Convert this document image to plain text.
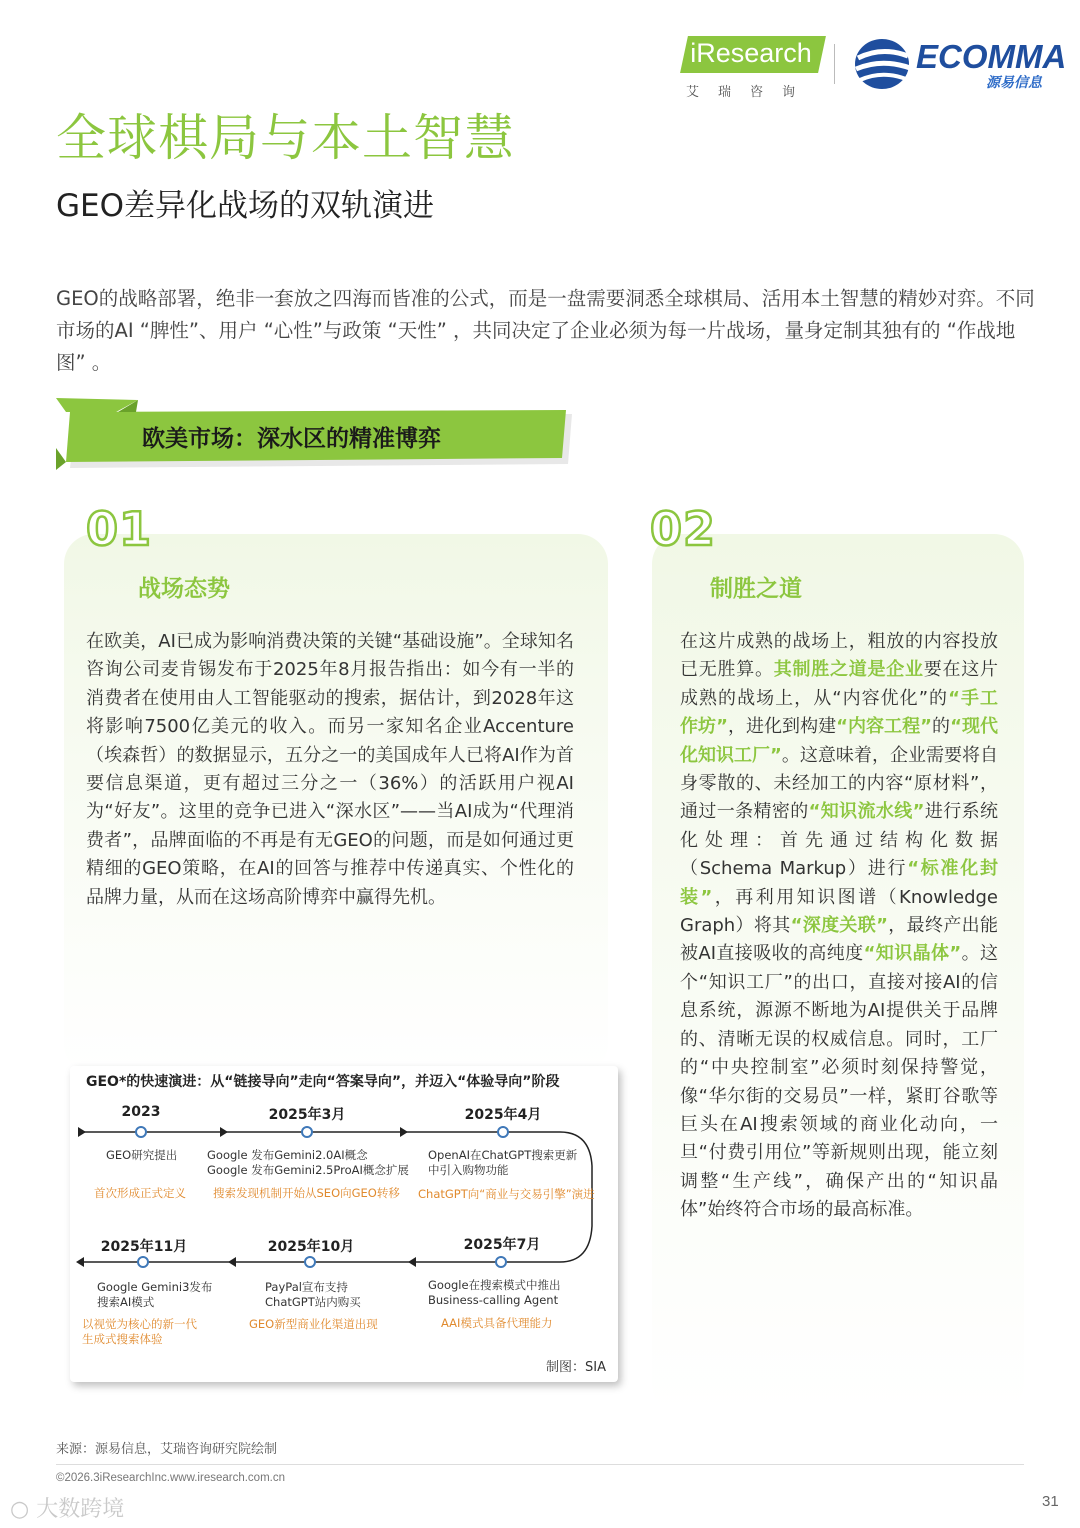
iResearch
艾瑞咨询
ECOMMA
源易信息
全球棋局与本土智慧
GEO差异化战场的双轨演进
GEO的战略部署，绝非一套放之四海而皆准的公式，而是一盘需要洞悉全球棋局、活用本土智慧的精妙对弈。不同市场的AI “脾性”、用户 “心性”与政策 “天性” ，共同决定了企业必须为每一片战场，量身定制其独有的 “作战地图” 。
欧美市场：深水区的精准博弈
01
战场态势
在欧美，AI已成为影响消费决策的关键“基础设施”。全球知名咨询公司麦肯锡发布于2025年8月报告指出：如今有一半的消费者在使用由人工智能驱动的搜索，据估计，到2028年这将影响7500亿美元的收入。而另一家知名企业Accenture（埃森哲）的数据显示，五分之一的美国成年人已将AI作为首要信息渠道，更有超过三分之一（36%）的活跃用户视AI为“好友”。这里的竞争已进入“深水区”——当AI成为“代理消费者”，品牌面临的不再是有无GEO的问题，而是如何通过更精细的GEO策略，在AI的回答与推荐中传递真实、个性化的品牌力量，从而在这场高阶博弈中赢得先机。
02
制胜之道
在这片成熟的战场上，粗放的内容投放已无胜算。其制胜之道是企业要在这片成熟的战场上，从“内容优化”的“手工作坊”，进化到构建“内容工程”的“现代化知识工厂”。这意味着，企业需要将自身零散的、未经加工的内容“原材料”，通过一条精密的“知识流水线”进行系统化处理：首先通过结构化数据（Schema Markup）进行“标准化封装”，再利用知识图谱（Knowledge Graph）将其“深度关联”，最终产出能被AI直接吸收的高纯度“知识晶体”。这个“知识工厂”的出口，直接对接AI的信息系统，源源不断地为AI提供关于品牌的、清晰无误的权威信息。同时，工厂的“中央控制室”必须时刻保持警觉，像“华尔街的交易员”一样，紧盯谷歌等巨头在AI搜索领域的商业化动向，一旦“付费引用位”等新规则出现，能立刻调整“生产线”，确保产出的“知识晶体”始终符合市场的最高标准。
GEO*的快速演进：从“链接导向”走向“答案导向”，并迈入“体验导向”阶段
2023
GEO研究提出
首次形成正式定义
2025年3月
Google 发布Gemini2.0AI概念
Google 发布Gemini2.5ProAI概念扩展
搜索发现机制开始从SEO向GEO转移
2025年4月
OpenAI在ChatGPT搜索更新
中引入购物功能
ChatGPT向“商业与交易引擎”演进
2025年11月
Google Gemini3发布
搜索AI模式
以视觉为核心的新一代
生成式搜索体验
2025年10月
PayPal宣布支持
ChatGPT站内购买
GEO新型商业化渠道出现
2025年7月
Google在搜索模式中推出
Business-calling Agent
AAI模式具备代理能力
制图：SIA
来源：源易信息，艾瑞咨询研究院绘制
©2026.3iResearchInc.www.iresearch.com.cn
31
○ 大数跨境
